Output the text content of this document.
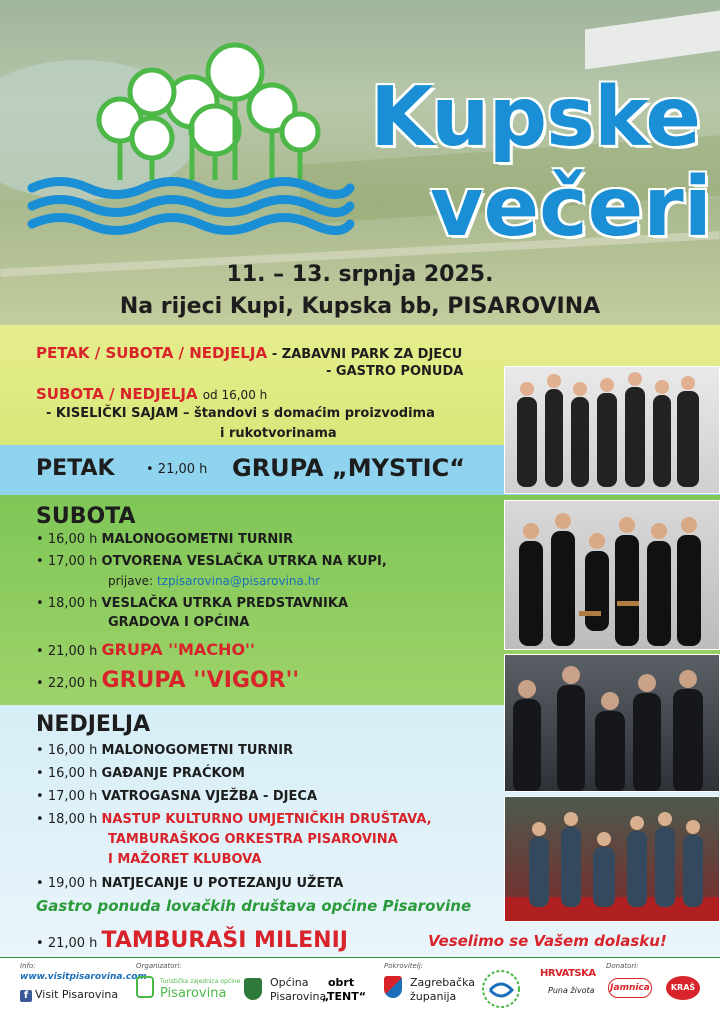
Kupske
večeri
11. – 13. srpnja 2025.
Na rijeci Kupi, Kupska bb, PISAROVINA
PETAK / SUBOTA / NEDJELJA - ZABAVNI PARK ZA DJECU
- GASTRO PONUDA
SUBOTA / NEDJELJA od 16,00 h
- KISELIČKI SAJAM – štandovi s domaćim proizvodima
i rukotvorinama
PETAK • 21,00 h GRUPA „MYSTIC“
SUBOTA
• 16,00 h MALONOGOMETNI TURNIR
• 17,00 h OTVORENA VESLAČKA UTRKA NA KUPI,
prijave: tzpisarovina@pisarovina.hr
• 18,00 h VESLAČKA UTRKA PREDSTAVNIKA
GRADOVA I OPĆINA
• 21,00 h GRUPA ''MACHO''
• 22,00 h GRUPA ''VIGOR''
NEDJELJA
• 16,00 h MALONOGOMETNI TURNIR
• 16,00 h GAĐANJE PRAĆKOM
• 17,00 h VATROGASNA VJEŽBA - DJECA
• 18,00 h NASTUP KULTURNO UMJETNIČKIH DRUŠTAVA,
TAMBURAŠKOG ORKESTRA PISAROVINA
I MAŽORET KLUBOVA
• 19,00 h NATJECANJE U POTEZANJU UŽETA
Gastro ponuda lovačkih društava općine Pisarovine
• 21,00 h TAMBURAŠI MILENIJ	Veselimo se Vašem dolasku!
Info:
www.visitpisarovina.com
f Visit Pisarovina
Organizatori:
Turistička zajednica općine
Pisarovina
Općina
Pisarovina
obrt
„TENT“
Pokrovitelj:
Zagrebačka
županija
HRVATSKA
Puna života
Donatori:
Jamnica	KRAŠ
